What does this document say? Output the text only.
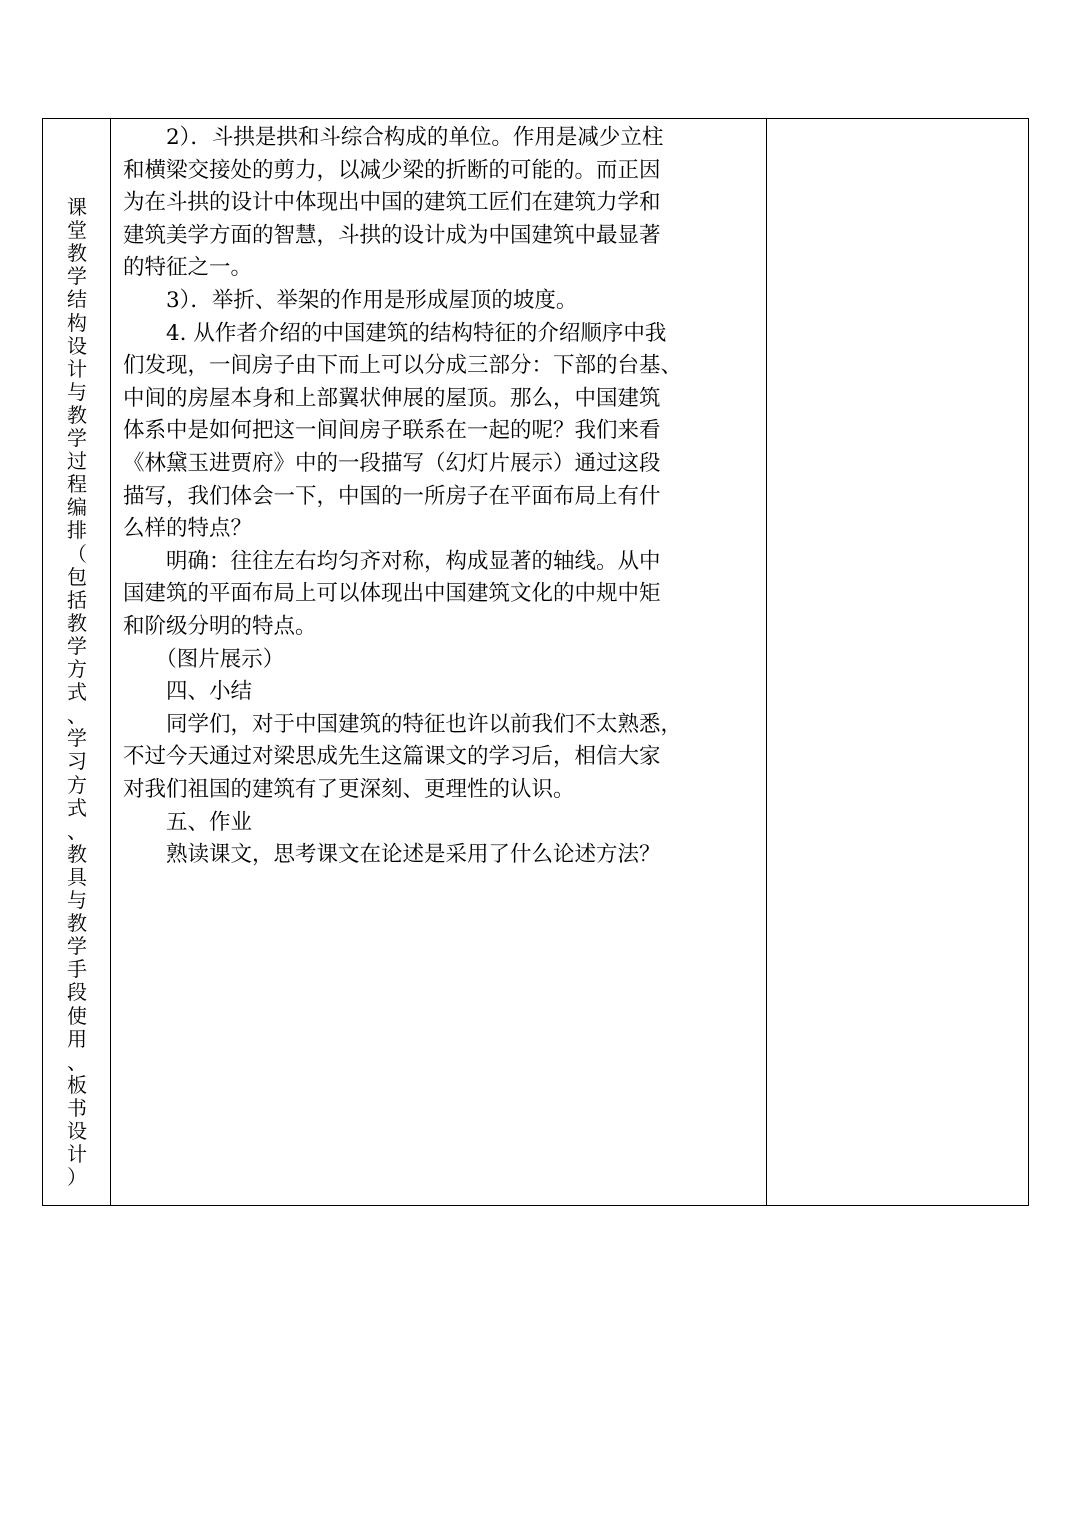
课
堂
教
学
结
构
设
计
与
教
学
过
程
编
排
（
包
括
教
学
方
式
、
学
习
方
式
、
教
具
与
教
学
手
段
使
用
、
板
书
设
计
）
　　2）．斗拱是拱和斗综合构成的单位。作用是减少立柱
和横梁交接处的剪力，以减少梁的折断的可能的。而正因
为在斗拱的设计中体现出中国的建筑工匠们在建筑力学和
建筑美学方面的智慧，斗拱的设计成为中国建筑中最显著
的特征之一。
　　3）．举折、举架的作用是形成屋顶的坡度。
　　4. 从作者介绍的中国建筑的结构特征的介绍顺序中我
们发现，一间房子由下而上可以分成三部分：下部的台基、
中间的房屋本身和上部翼状伸展的屋顶。那么，中国建筑
体系中是如何把这一间间房子联系在一起的呢？我们来看
《林黛玉进贾府》中的一段描写（幻灯片展示）通过这段
描写，我们体会一下，中国的一所房子在平面布局上有什
么样的特点？
　　明确：往往左右均匀齐对称，构成显著的轴线。从中
国建筑的平面布局上可以体现出中国建筑文化的中规中矩
和阶级分明的特点。
　　（图片展示）
　　四、小结
　　同学们，对于中国建筑的特征也许以前我们不太熟悉，
不过今天通过对梁思成先生这篇课文的学习后，相信大家
对我们祖国的建筑有了更深刻、更理性的认识。
　　五、作业
　　熟读课文，思考课文在论述是采用了什么论述方法？
